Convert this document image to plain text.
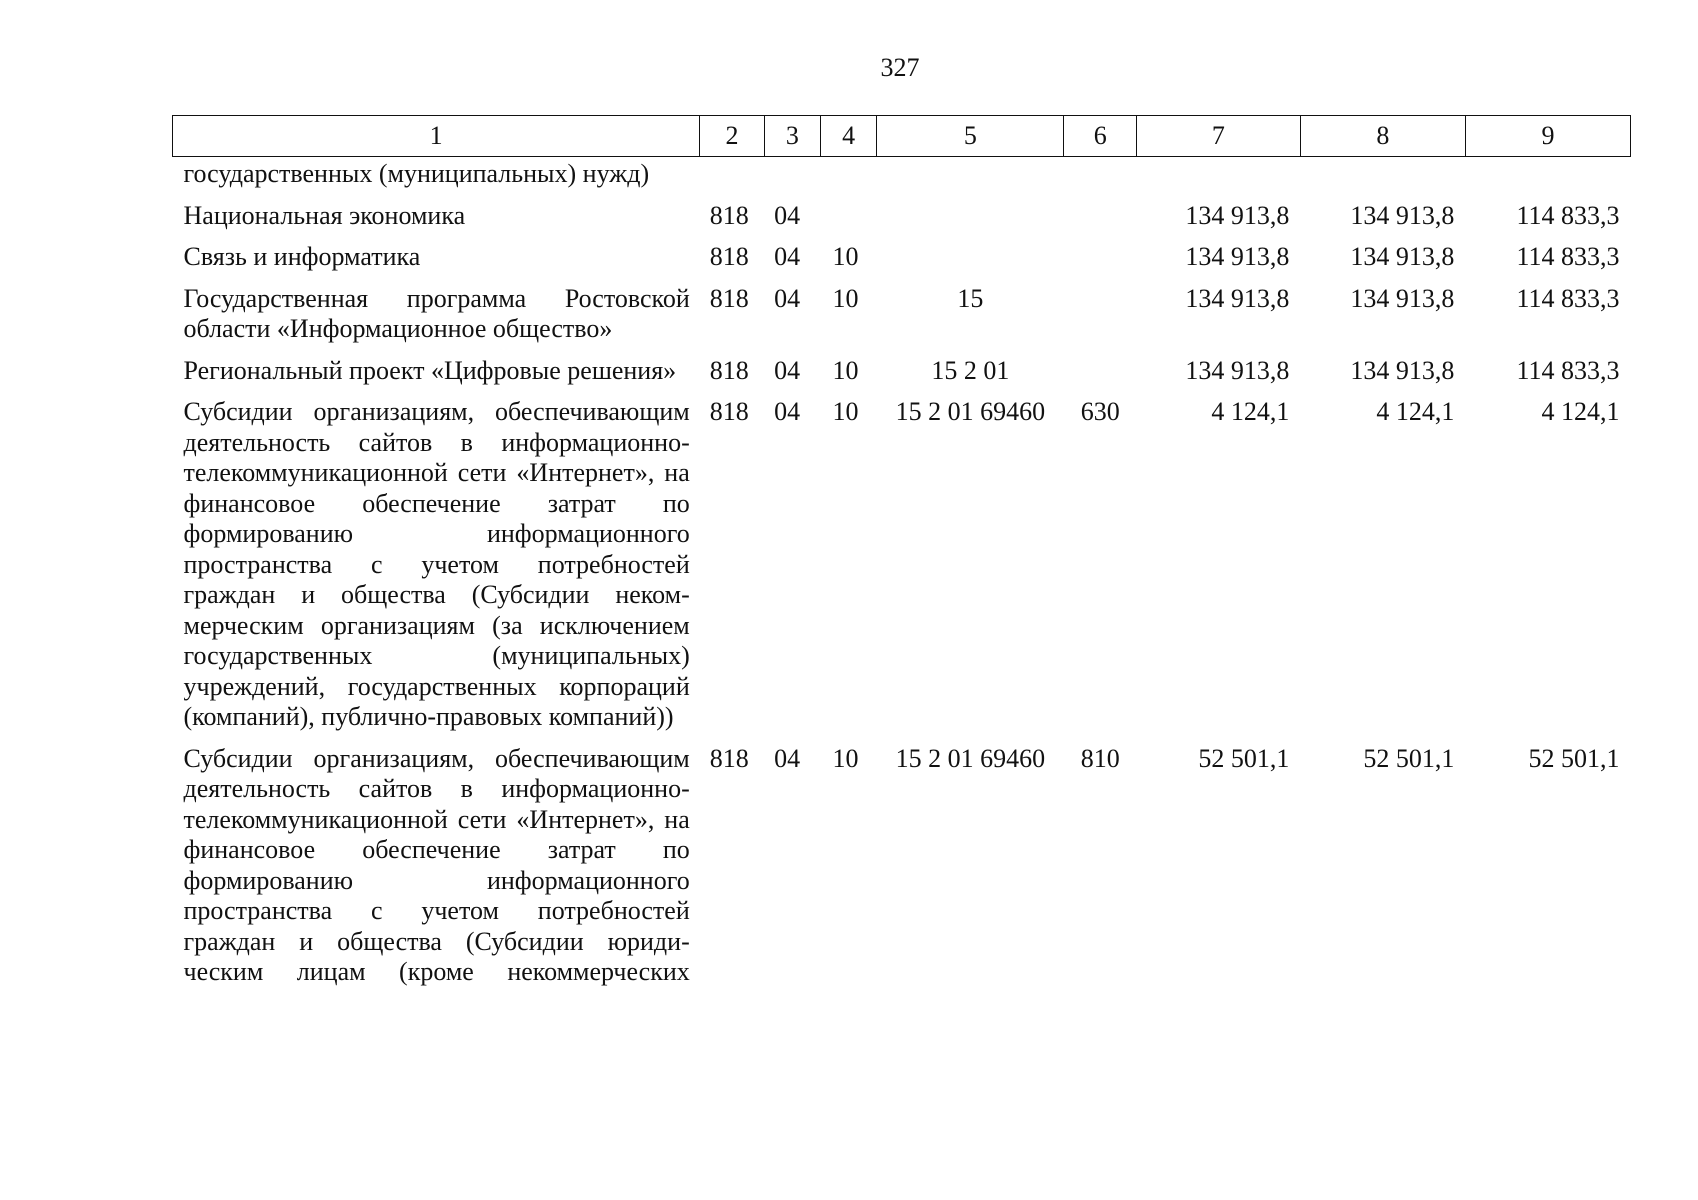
327
1	2	3	4	5	6	7	8	9
государственных (муниципальных) нужд)								
Национальная экономика	818	04				134 913,8	134 913,8	114 833,3
Связь и информатика	818	04	10			134 913,8	134 913,8	114 833,3
Государственная программа Ростовской области «Информационное общество»	818	04	10	15		134 913,8	134 913,8	114 833,3
Региональный проект «Цифровые решения»	818	04	10	15 2 01		134 913,8	134 913,8	114 833,3
Субсидии организациям, обеспечивающим деятельность сайтов в информационно-телекоммуникационной сети «Интернет», на финансовое обеспечение затрат по формированию информационного пространства с учетом потребностей граждан и общества (Субсидии некоммерческим организациям (за исключением государственных (муниципальных) учреждений, государственных корпораций (компаний), публично-правовых компаний))	818	04	10	15 2 01 69460	630	4 124,1	4 124,1	4 124,1
Субсидии организациям, обеспечивающим деятельность сайтов в информационно-телекоммуникационной сети «Интернет», на финансовое обеспечение затрат по формированию информационного пространства с учетом потребностей граждан и общества (Субсидии юридическим лицам (кроме некоммерческих	818	04	10	15 2 01 69460	810	52 501,1	52 501,1	52 501,1
